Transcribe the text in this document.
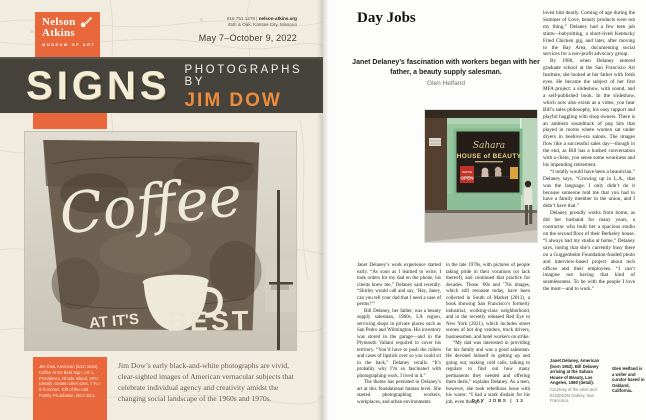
Nelson
Atkins
MUSEUM OF ART
816.751.1278 | nelson-atkins.org
45th & Oak, Kansas City, Missouri
May 7–October 9, 2022
SIGNS PHOTOGRAPHS BY
JIM DOW
Coffee
AT IT'S BEST

Jim Dow, American (born 1942). Coffee At It’s Best Sign, US 1, Providence, Rhode Island, 1971 (detail). Gelatin silver print, 7 ⅝ x 9 ⅝ inches. Gift of the Hall Family Foundation, 2017.26.2.

Jim Dow’s early black-and-white photographs are vivid, clear-sighted images of American vernacular subjects that celebrate individual agency and creativity amidst the changing social landscape of the 1960s and 1970s.

Day Jobs

Janet Delaney’s fascination with workers began with her father, a beauty supply salesman.

Glen Helfand

Sahara
HOUSE of BEAUTY
WE'RE
OPEN

Janet Delaney’s work experience started early. “As soon as I learned to write, I took orders for my dad on the phone, his clients knew me,” Delaney said recently. “Shirley would call and say, ‘Hey, Janey, can you tell your dad that I need a case of perms?’”

Bill Delaney, her father, was a beauty supply salesman, 1960s, LA region, servicing shops in private places such as San Pedro and Wilmington. His inventory was stored in the garage—and in the Plymouth Valiant required to cover his territory. “You’d have to push the rollers and cases of lipstick over so you could sit in the back,” Delaney recalls. “It’s probably why I’m so fascinated with photographing work. I lived in it.”

The theme has persisted in Delaney’s art at this foundational human level. She started photographing workers, workplaces, and urban environments

in the late 1970s, with pictures of people taking pride in their vocations (or lack thereof), and continued that practice for decades. Those ’60s and ’70s images, which still resonate today, have been collected in South of Market (2013), a book showing San Francisco’s formerly industrial, working-class neighborhood, and in the recently released Red Eye to New York (2021), which includes street scenes of hot dog vendors, truck drivers, businessmen, and hotel workers on strike.

“My dad was interested in providing for his family and was a good salesman. He devoted himself to getting up and going out, making cold calls, talking to regulars to find out how many permanents they needed and offering them deals,” explains Delaney. As a teen, however, she took rebellious issue with his wares: “I had a stark disdain for his job, even though I

loved him dearly. Coming of age during the Summer of Love, beauty products were not my thing.” Delaney had a few teen job stints—babysitting, a short-lived Kentucky Fried Chicken gig, and later, after moving to the Bay Area, documenting social services for a non-profit advocacy group.

By 1980, when Delaney entered graduate school at the San Francisco Art Institute, she looked at her father with fresh eyes. He became the subject of her first MFA project: a slideshow, with sound, and a self-published book. In the slideshow, which now also exists as a video, you hear Bill’s sales philosophy, his easy rapport and playful haggling with shop owners. There is an ambient soundtrack of pop hits that played in rooms where women sat under dryers in beehive-era salons. The images flow like a successful sales day—though in the end, as Bill has a hushed conversation with a client, you sense some weariness and his impending retirement.

“I totally would have been a beautician,” Delaney says. “Growing up in L.A., that was the language. I only didn’t do it because someone told me that you had to have a family member in the union, and I didn’t have that.”

Delaney proudly works from home, as did her husband for many years, a contractor who built her a spacious studio on the second floor of their Berkeley house. “I always had my studio at home,” Delaney says, noting that she’s currently busy there on a Guggenheim Foundation-funded photo and interview-based project about tech offices and their employees. “I can’t imagine not having that kind of seamlessness. To be with the people I love the most—and to work.”

Janet Delaney, American (born 1952). Bill Delaney arriving at the Sahara House of Beauty, Los Angeles, 1980 (detail).

Courtesy of the artist and EUQINOM Gallery, San Francisco.

Glen Helfand is a writer and curator based in Oakland, California.
DAY JOBS | 13
